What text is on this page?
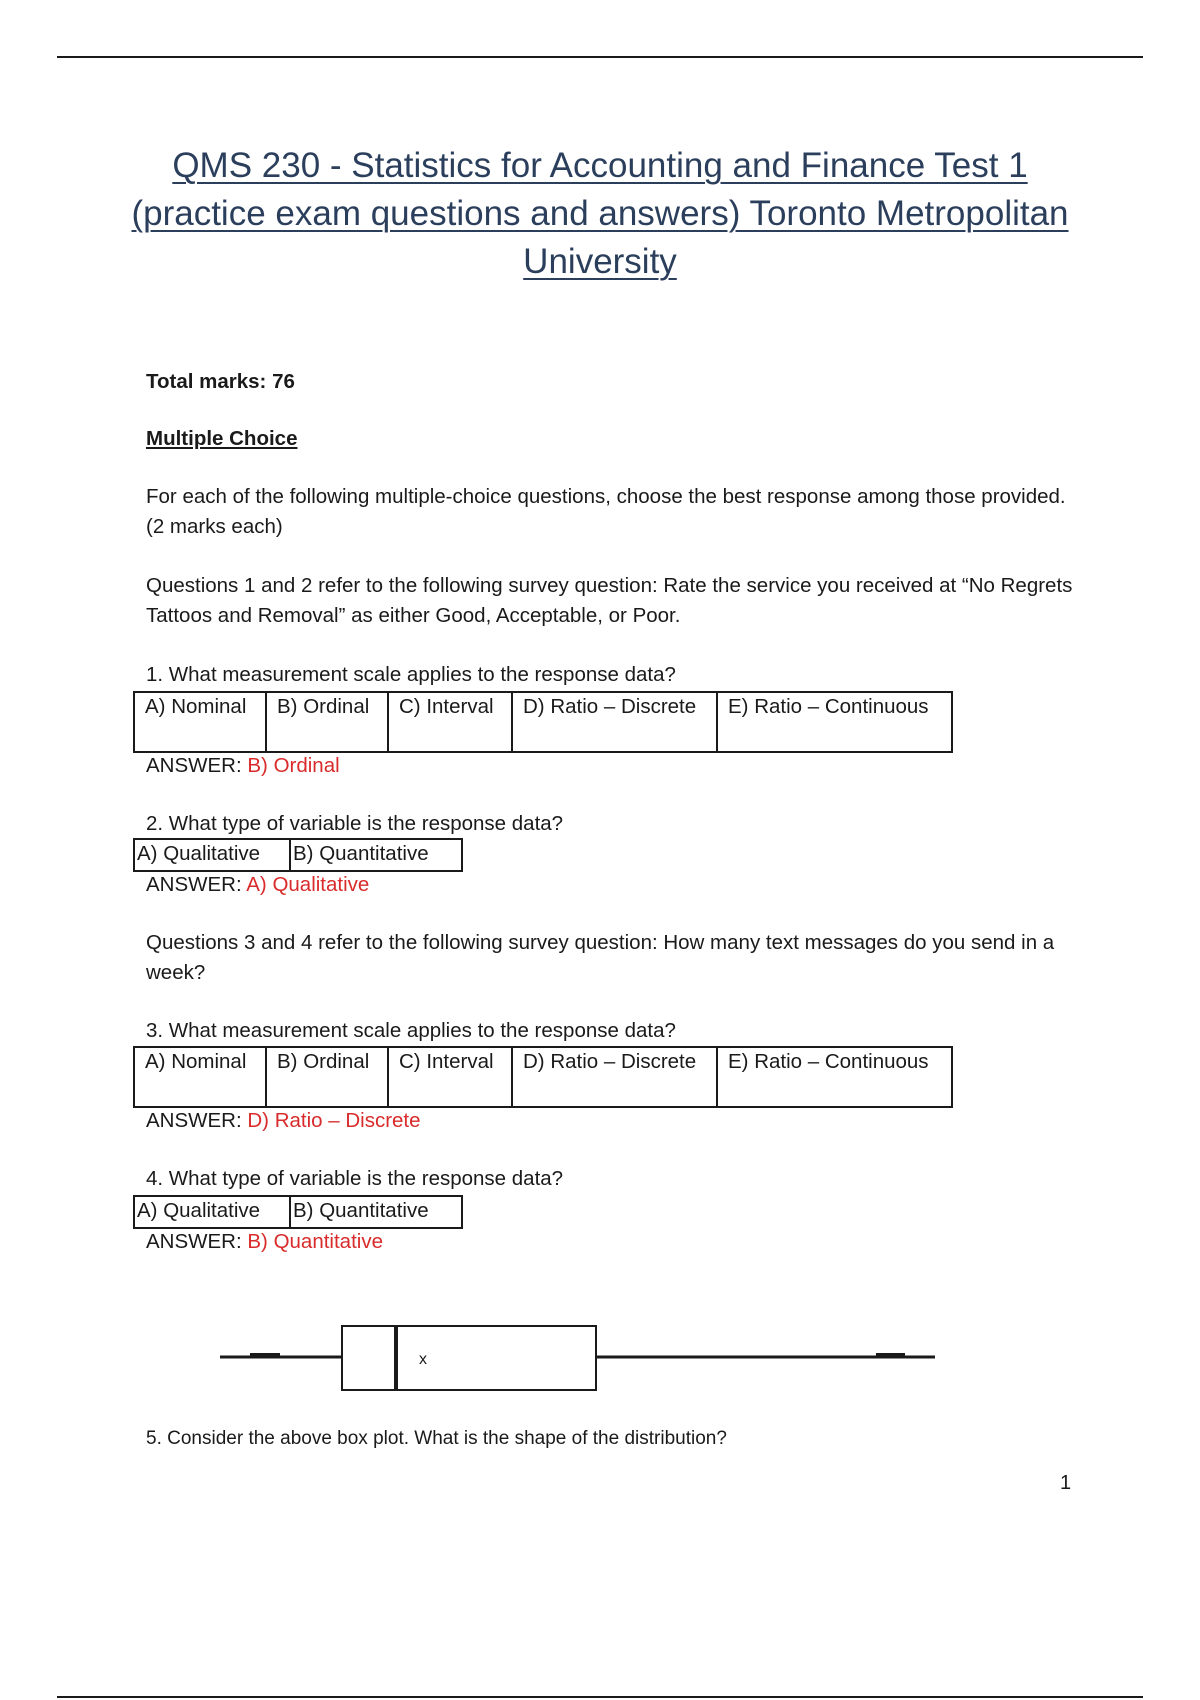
QMS 230 - Statistics for Accounting and Finance Test 1 (practice exam questions and answers) Toronto Metropolitan University

Total marks: 76

Multiple Choice

For each of the following multiple-choice questions, choose the best response among those provided. (2 marks each)

Questions 1 and 2 refer to the following survey question: Rate the service you received at “No Regrets Tattoos and Removal” as either Good, Acceptable, or Poor.

1. What measurement scale applies to the response data?

A) Nominal	B) Ordinal	C) Interval	D) Ratio – Discrete	E) Ratio – Continuous

ANSWER: B) Ordinal

2. What type of variable is the response data?

A) Qualitative	B) Quantitative

ANSWER: A) Qualitative

Questions 3 and 4 refer to the following survey question: How many text messages do you send in a week?

3. What measurement scale applies to the response data?

A) Nominal	B) Ordinal	C) Interval	D) Ratio – Discrete	E) Ratio – Continuous

ANSWER: D) Ratio – Discrete

4. What type of variable is the response data?

A) Qualitative	B) Quantitative

ANSWER: B) Quantitative

x

5. Consider the above box plot. What is the shape of the distribution?

1
